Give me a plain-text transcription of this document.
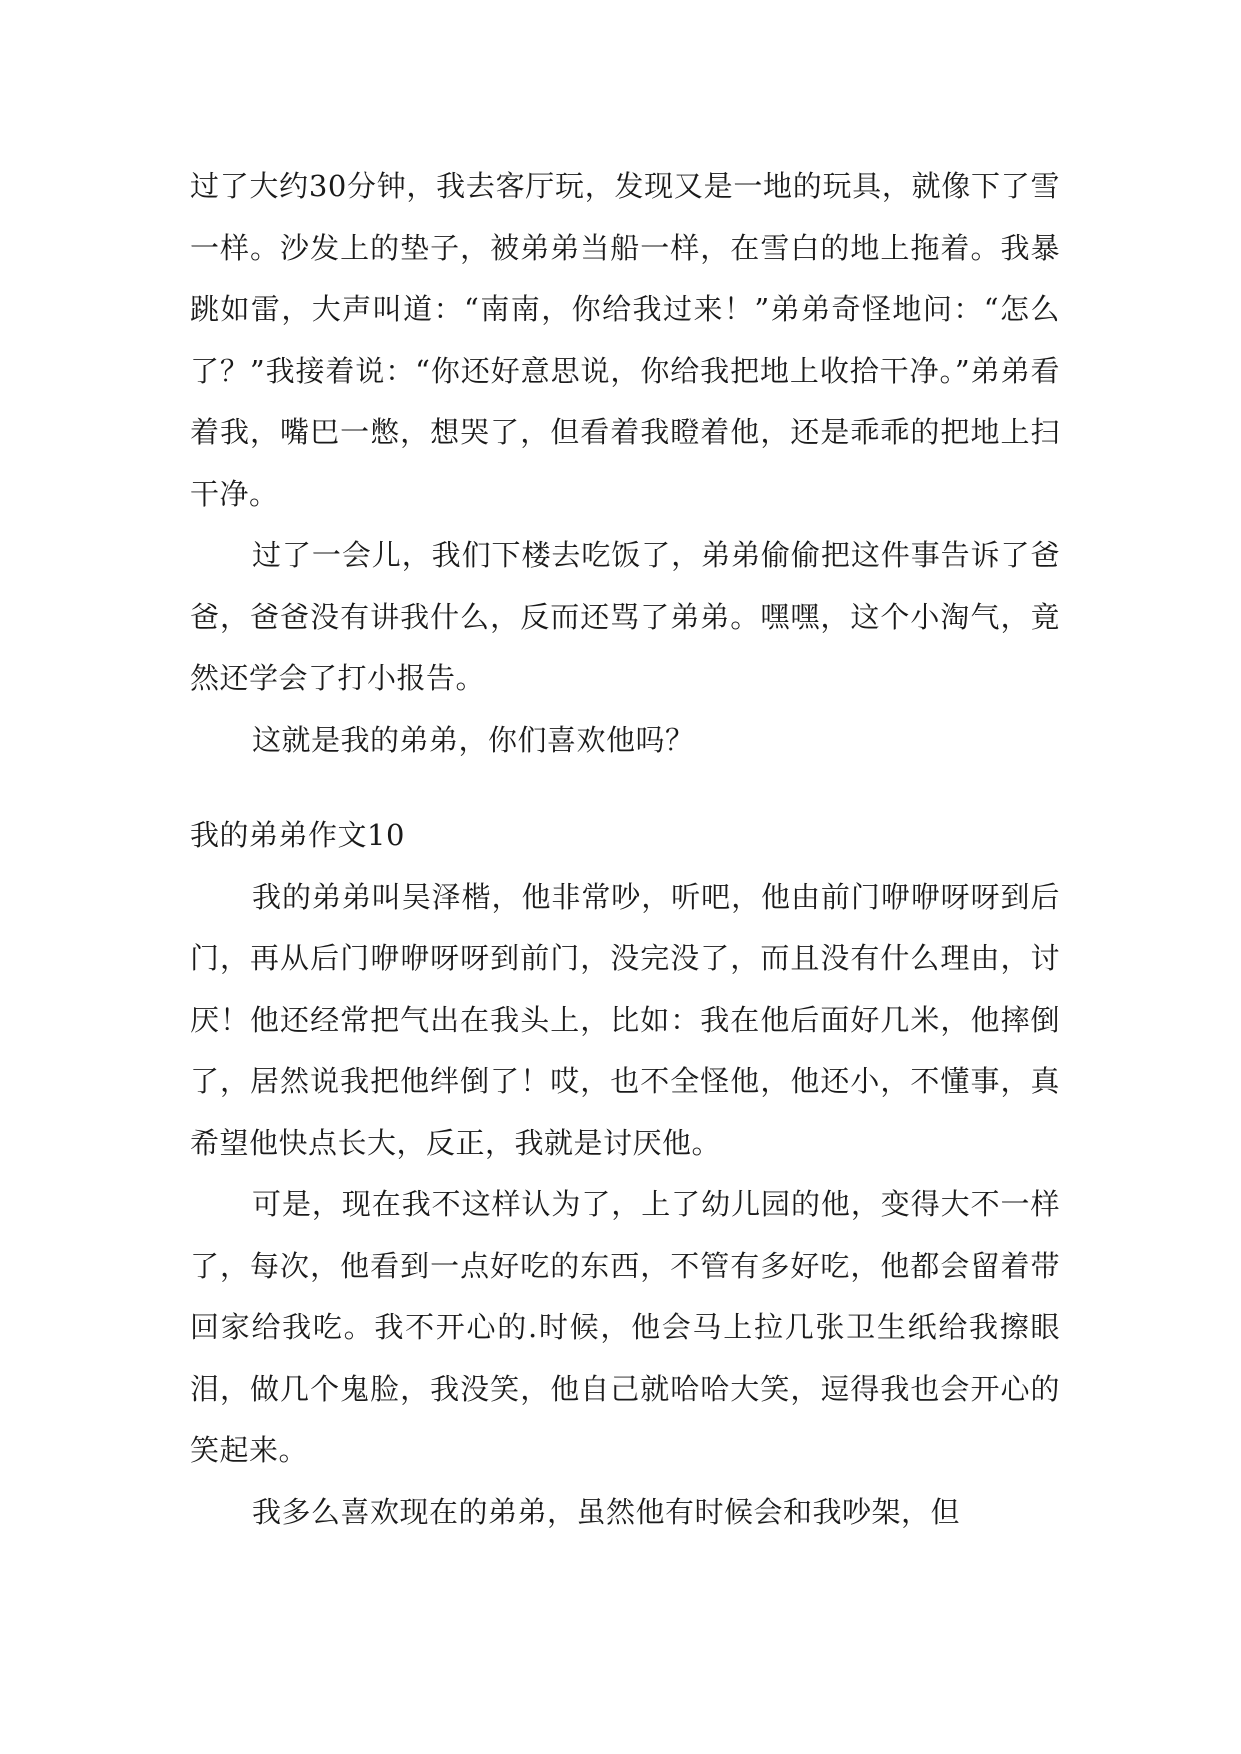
过了大约30分钟，我去客厅玩，发现又是一地的玩具，就像下了雪一样。沙发上的垫子，被弟弟当船一样，在雪白的地上拖着。我暴跳如雷，大声叫道：“南南，你给我过来！”弟弟奇怪地问：“怎么了？”我接着说：“你还好意思说，你给我把地上收拾干净。”弟弟看着我，嘴巴一憋，想哭了，但看着我瞪着他，还是乖乖的把地上扫干净。

过了一会儿，我们下楼去吃饭了，弟弟偷偷把这件事告诉了爸爸，爸爸没有讲我什么，反而还骂了弟弟。嘿嘿，这个小淘气，竟然还学会了打小报告。

这就是我的弟弟，你们喜欢他吗？

我的弟弟作文10

我的弟弟叫吴泽楷，他非常吵，听吧，他由前门咿咿呀呀到后门，再从后门咿咿呀呀到前门，没完没了，而且没有什么理由，讨厌！他还经常把气出在我头上，比如：我在他后面好几米，他摔倒了，居然说我把他绊倒了！哎，也不全怪他，他还小，不懂事，真希望他快点长大，反正，我就是讨厌他。

可是，现在我不这样认为了，上了幼儿园的他，变得大不一样了，每次，他看到一点好吃的东西，不管有多好吃，他都会留着带回家给我吃。我不开心的.时候，他会马上拉几张卫生纸给我擦眼泪，做几个鬼脸，我没笑，他自己就哈哈大笑，逗得我也会开心的笑起来。

我多么喜欢现在的弟弟，虽然他有时候会和我吵架，但
